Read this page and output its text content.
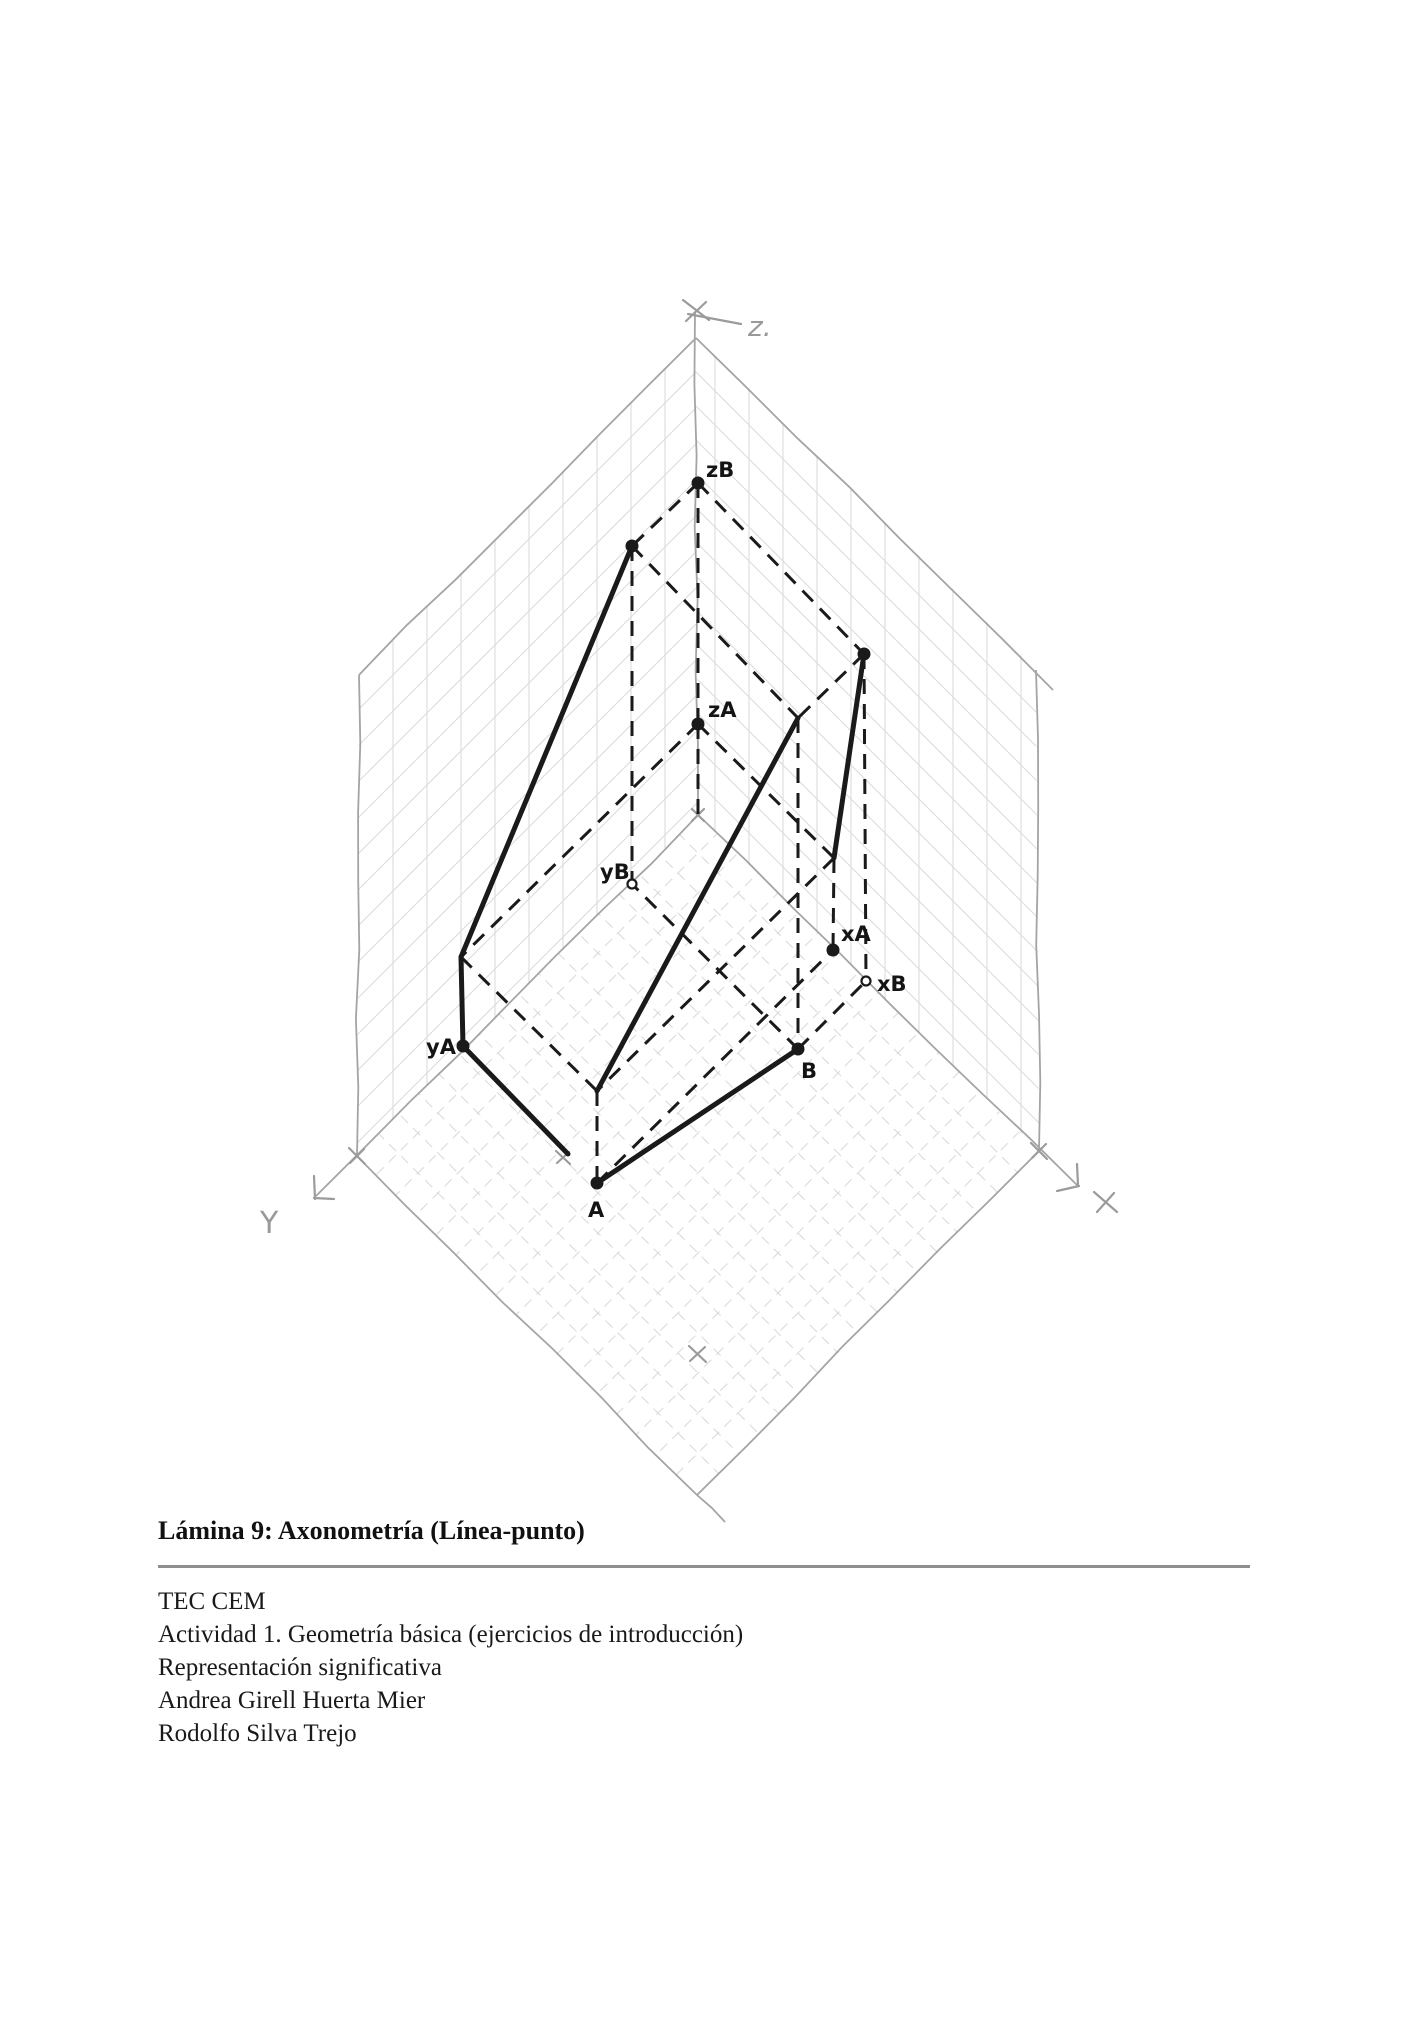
zB
zA
xA
xB
yB
yA
A
B
z.
Y
Lámina 9: Axonometría (Línea-punto)
TEC CEM
Actividad 1. Geometría básica (ejercicios de introducción)
Representación significativa
Andrea Girell Huerta Mier
Rodolfo Silva Trejo
